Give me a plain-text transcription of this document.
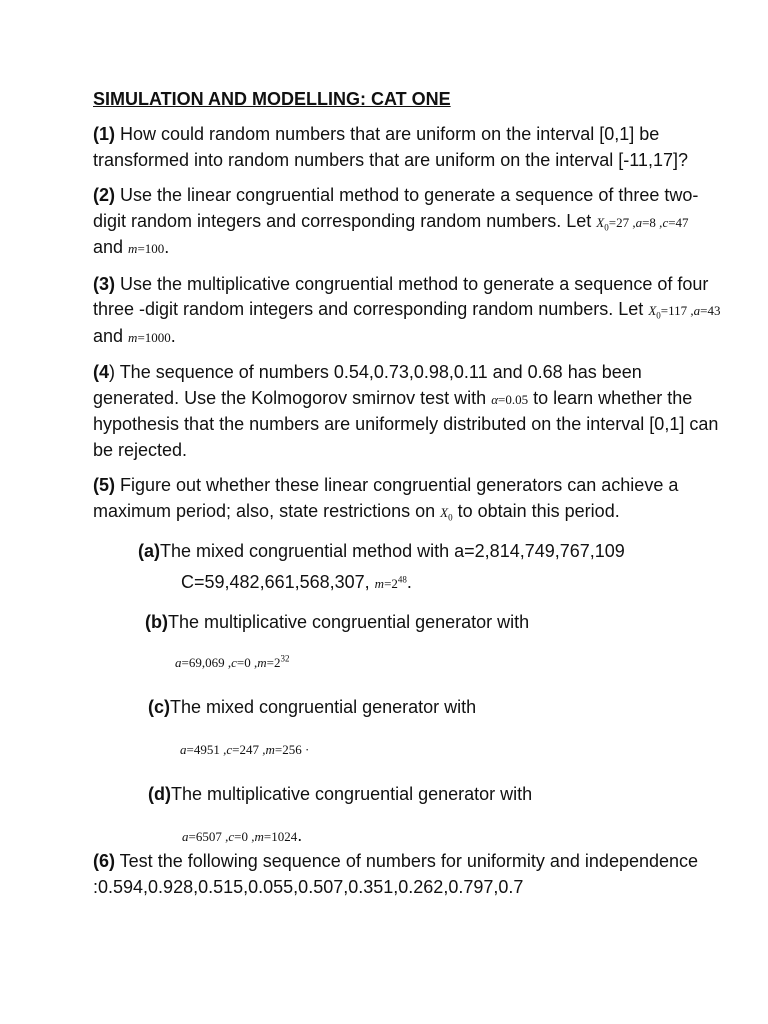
SIMULATION AND MODELLING: CAT ONE

(1) How could random numbers that are uniform on the interval [0,1] be transformed into random numbers that are uniform on the interval [-11,17]?

(2) Use the linear congruential method to generate a sequence of three two-digit random integers and corresponding random numbers. Let $X_0=27$ ,a=8 ,c=47 and m=100.

(3) Use the multiplicative congruential method to generate a sequence of four three -digit random integers and corresponding random numbers. Let $X_0=117$ ,a=43 and m=1000.

(4) The sequence of numbers 0.54,0.73,0.98,0.11 and 0.68 has been generated. Use the Kolmogorov smirnov test with α=0.05 to learn whether the hypothesis that the numbers are uniformely distributed on the interval [0,1] can be rejected.

(5) Figure out whether these linear congruential generators can achieve a maximum period; also, state restrictions on $X_0$ to obtain this period.

(a)The mixed congruential method with a=2,814,749,767,109

C=59,482,661,568,307, $m=2^{48}$.

(b)The multiplicative congruential generator with

a=69,069 ,c=0 $,m=2^{32}$

(c)The mixed congruential generator with

a=4951 ,c=247 ,m=256 ·

(d)The multiplicative congruential generator with

a=6507 ,c=0 ,m=1024.

(6) Test the following sequence of numbers for uniformity and independence :0.594,0.928,0.515,0.055,0.507,0.351,0.262,0.797,0.7
